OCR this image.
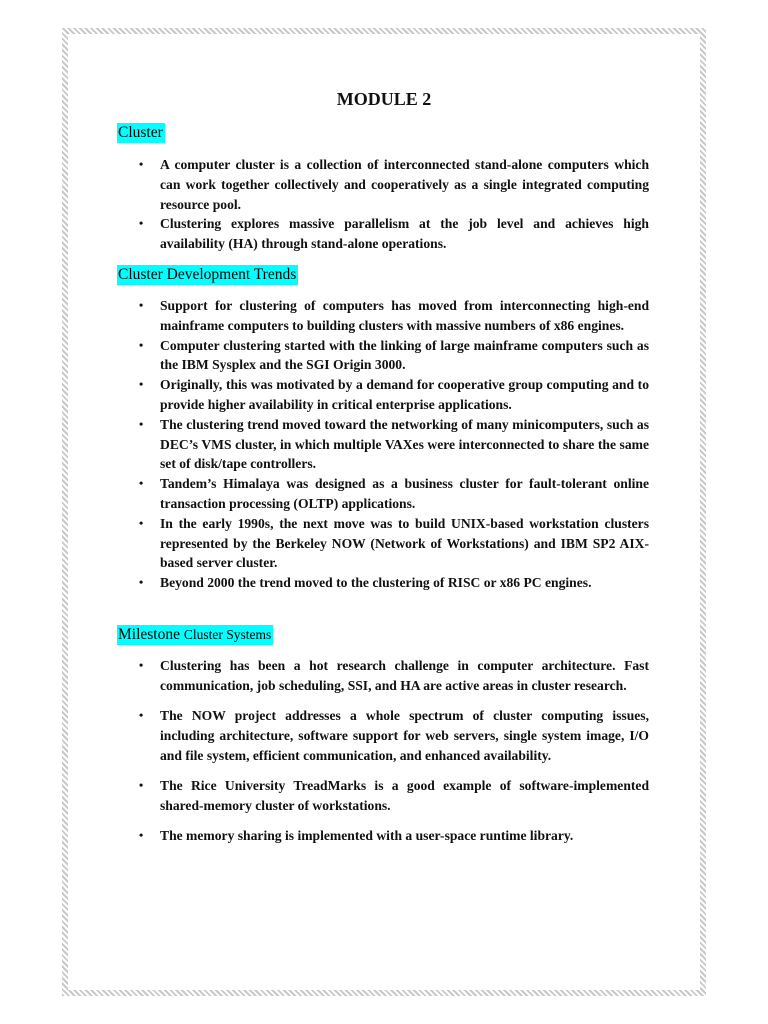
MODULE 2
Cluster
• A computer cluster is a collection of interconnected stand-alone computers which can work together collectively and cooperatively as a single integrated computing resource pool.
• Clustering explores massive parallelism at the job level and achieves high availability (HA) through stand-alone operations.
Cluster Development Trends
• Support for clustering of computers has moved from interconnecting high-end mainframe computers to building clusters with massive numbers of x86 engines.
• Computer clustering started with the linking of large mainframe computers such as the IBM Sysplex and the SGI Origin 3000.
• Originally, this was motivated by a demand for cooperative group computing and to provide higher availability in critical enterprise applications.
• The clustering trend moved toward the networking of many minicomputers, such as DEC’s VMS cluster, in which multiple VAXes were interconnected to share the same set of disk/tape controllers.
• Tandem’s Himalaya was designed as a business cluster for fault-tolerant online transaction processing (OLTP) applications.
• In the early 1990s, the next move was to build UNIX-based workstation clusters represented by the Berkeley NOW (Network of Workstations) and IBM SP2 AIX-based server cluster.
• Beyond 2000 the trend moved to the clustering of RISC or x86 PC engines.
Milestone Cluster Systems
• Clustering has been a hot research challenge in computer architecture. Fast communication, job scheduling, SSI, and HA are active areas in cluster research.
• The NOW project addresses a whole spectrum of cluster computing issues, including architecture, software support for web servers, single system image, I/O and file system, efficient communication, and enhanced availability.
• The Rice University TreadMarks is a good example of software-implemented shared-memory cluster of workstations.
• The memory sharing is implemented with a user-space runtime library.
